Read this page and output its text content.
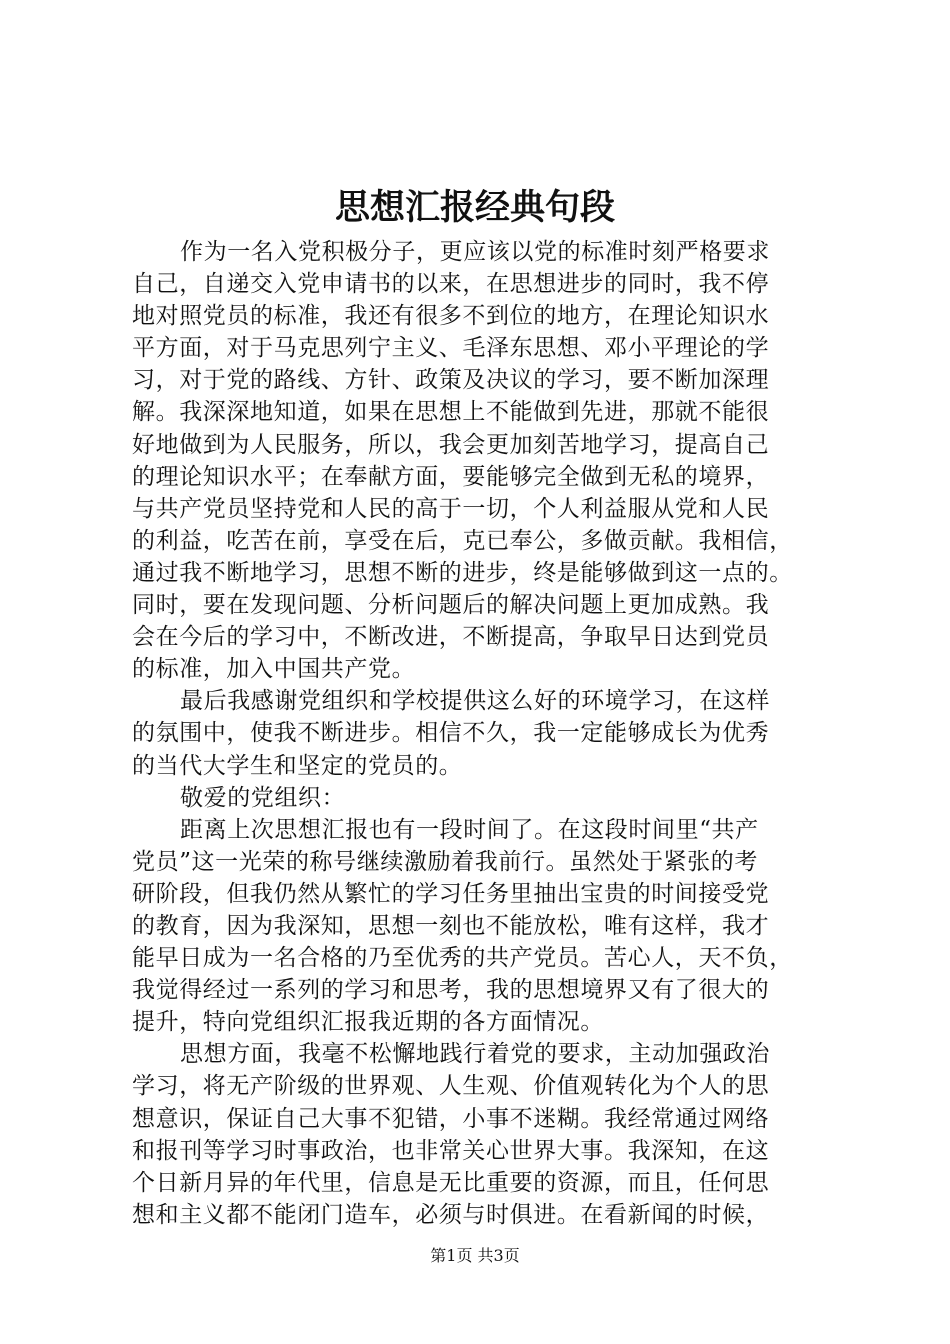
思想汇报经典句段
作为一名入党积极分子，更应该以党的标准时刻严格要求
自己，自递交入党申请书的以来，在思想进步的同时，我不停
地对照党员的标准，我还有很多不到位的地方，在理论知识水
平方面，对于马克思列宁主义、毛泽东思想、邓小平理论的学
习，对于党的路线、方针、政策及决议的学习，要不断加深理
解。我深深地知道，如果在思想上不能做到先进，那就不能很
好地做到为人民服务，所以，我会更加刻苦地学习，提高自己
的理论知识水平；在奉献方面，要能够完全做到无私的境界，
与共产党员坚持党和人民的高于一切，个人利益服从党和人民
的利益，吃苦在前，享受在后，克已奉公，多做贡献。我相信，
通过我不断地学习，思想不断的进步，终是能够做到这一点的。
同时，要在发现问题、分析问题后的解决问题上更加成熟。我
会在今后的学习中，不断改进，不断提高，争取早日达到党员
的标准，加入中国共产党。
最后我感谢党组织和学校提供这么好的环境学习，在这样
的氛围中，使我不断进步。相信不久，我一定能够成长为优秀
的当代大学生和坚定的党员的。
敬爱的党组织：
距离上次思想汇报也有一段时间了。在这段时间里“共产
党员”这一光荣的称号继续激励着我前行。虽然处于紧张的考
研阶段，但我仍然从繁忙的学习任务里抽出宝贵的时间接受党
的教育，因为我深知，思想一刻也不能放松，唯有这样，我才
能早日成为一名合格的乃至优秀的共产党员。苦心人，天不负，
我觉得经过一系列的学习和思考，我的思想境界又有了很大的
提升，特向党组织汇报我近期的各方面情况。
思想方面，我毫不松懈地践行着党的要求，主动加强政治
学习，将无产阶级的世界观、人生观、价值观转化为个人的思
想意识，保证自己大事不犯错，小事不迷糊。我经常通过网络
和报刊等学习时事政治，也非常关心世界大事。我深知，在这
个日新月异的年代里，信息是无比重要的资源，而且，任何思
想和主义都不能闭门造车，必须与时俱进。在看新闻的时候，
第1页 共3页
